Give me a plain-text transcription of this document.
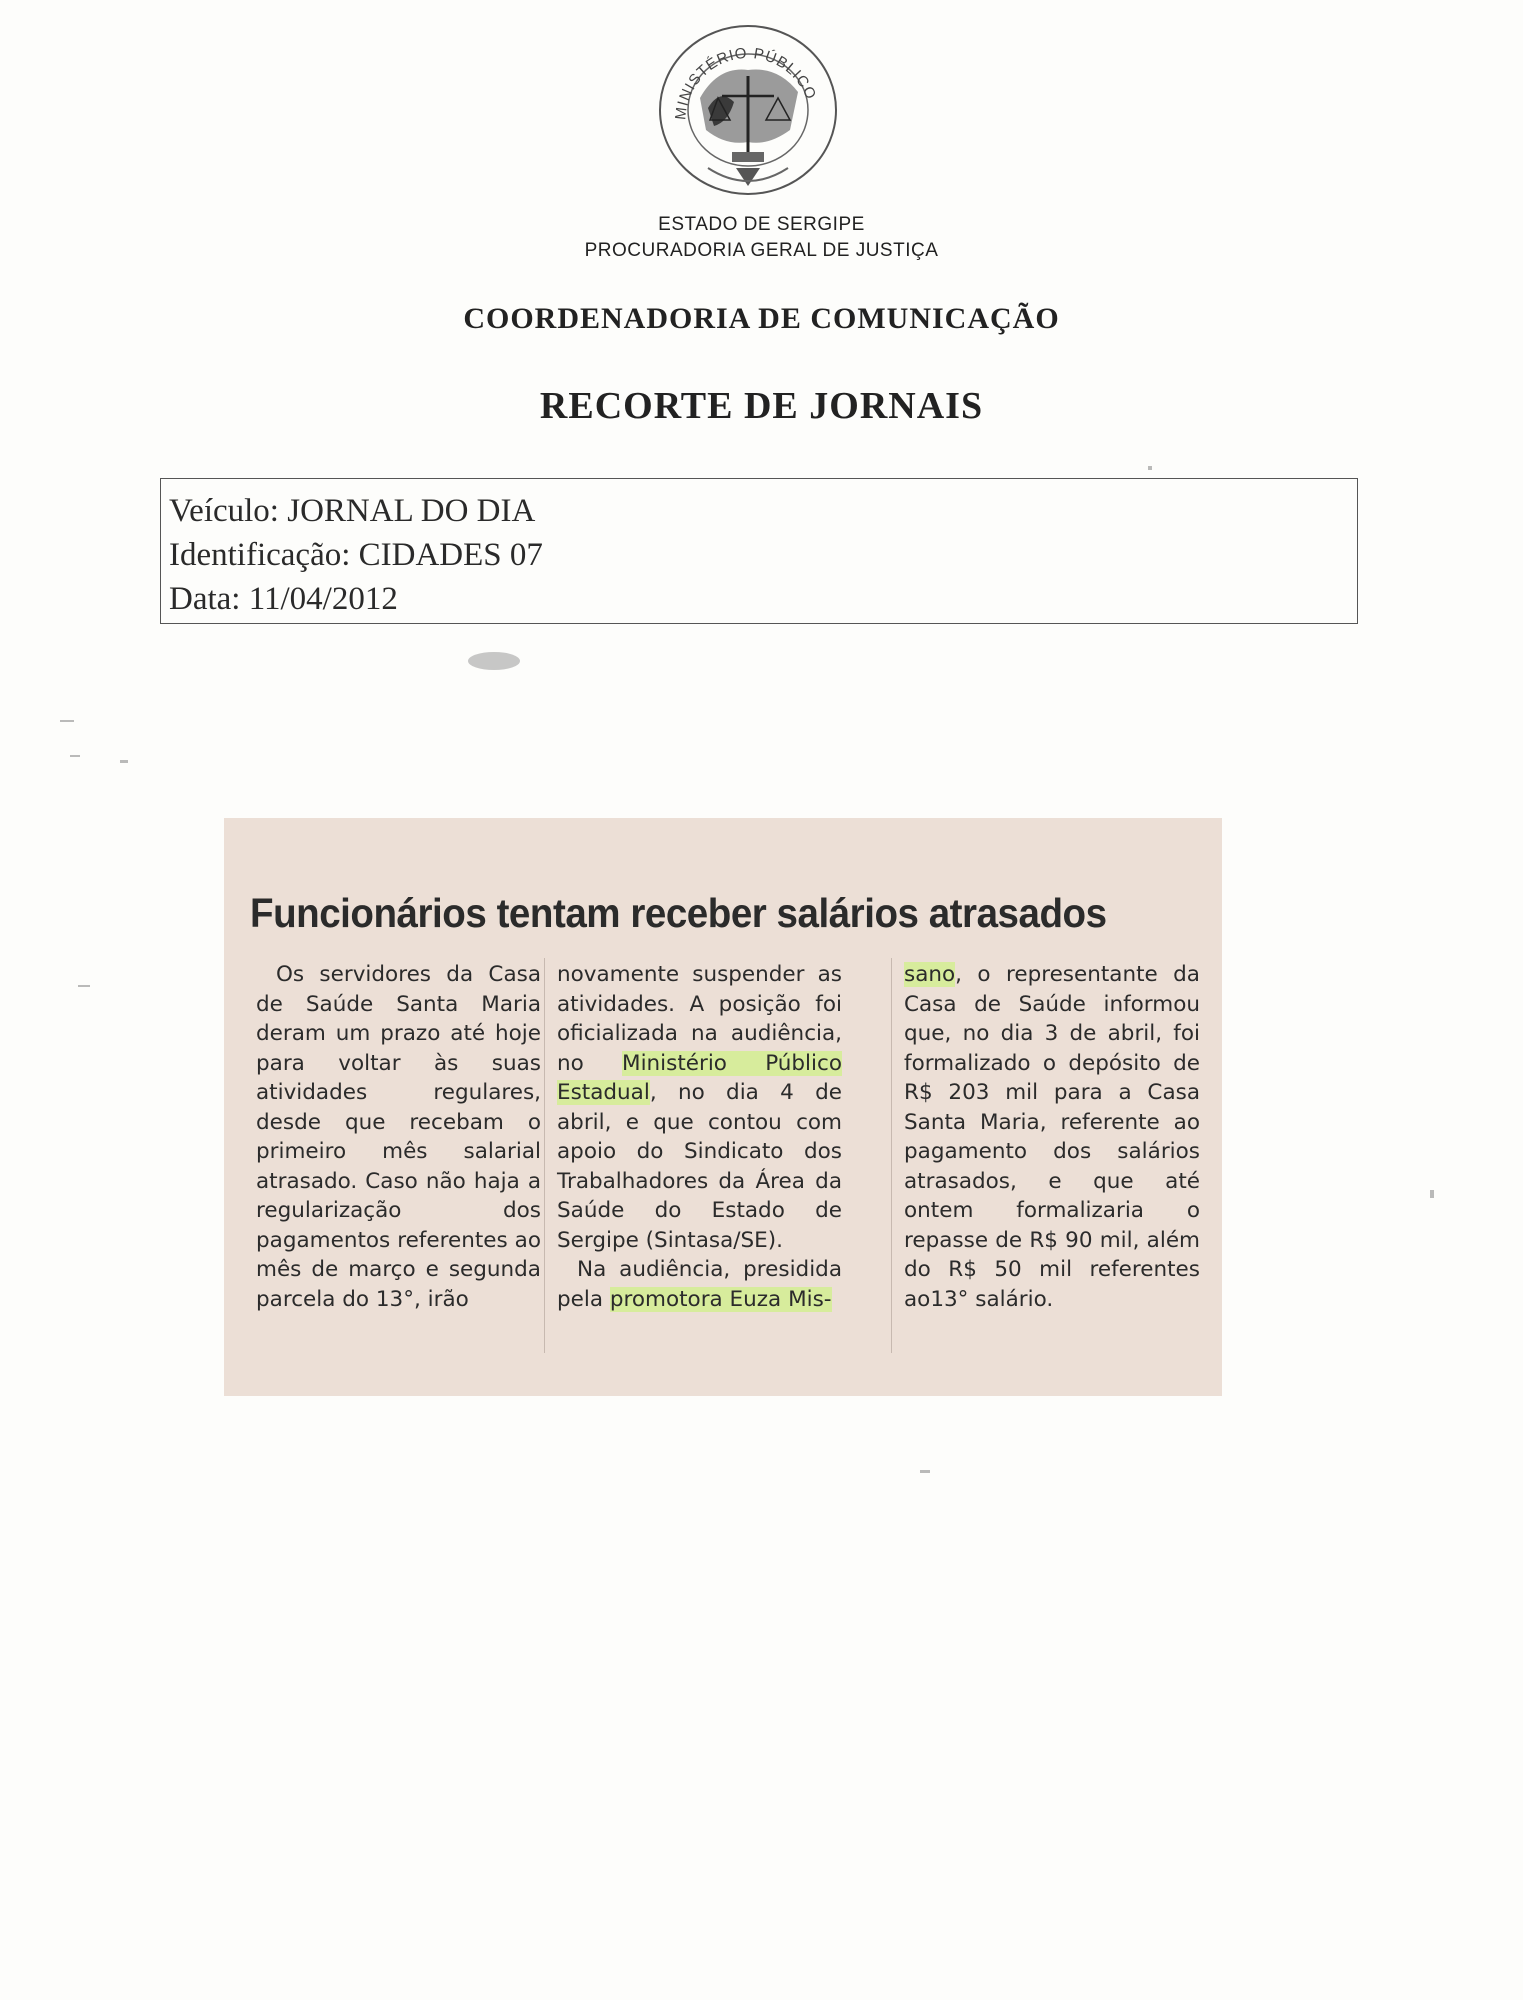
MINISTÉRIO PÚBLICO
ESTADO DE SERGIPE
PROCURADORIA GERAL DE JUSTIÇA
COORDENADORIA DE COMUNICAÇÃO
RECORTE DE JORNAIS
Veículo: JORNAL DO DIA
Identificação: CIDADES 07
Data: 11/04/2012
Funcionários tentam receber salários atrasados
Os servidores da Casa de Saúde Santa Maria deram um prazo até hoje para voltar às suas atividades regulares, desde que recebam o primeiro mês salarial atrasado. Caso não haja a regularização dos pagamentos referentes ao mês de março e segunda parcela do 13°, irão
novamente suspender as atividades. A posição foi oficializada na audiência, no Ministério Público Estadual, no dia 4 de abril, e que contou com apoio do Sindicato dos Trabalhadores da Área da Saúde do Estado de Sergipe (Sintasa/SE).
Na audiência, presidida pela promotora Euza Mis-
sano, o representante da Casa de Saúde informou que, no dia 3 de abril, foi formalizado o depósito de R$ 203 mil para a Casa Santa Maria, referente ao pagamento dos salários atrasados, e que até ontem formalizaria o repasse de R$ 90 mil, além do R$ 50 mil referentes ao13° salário.
